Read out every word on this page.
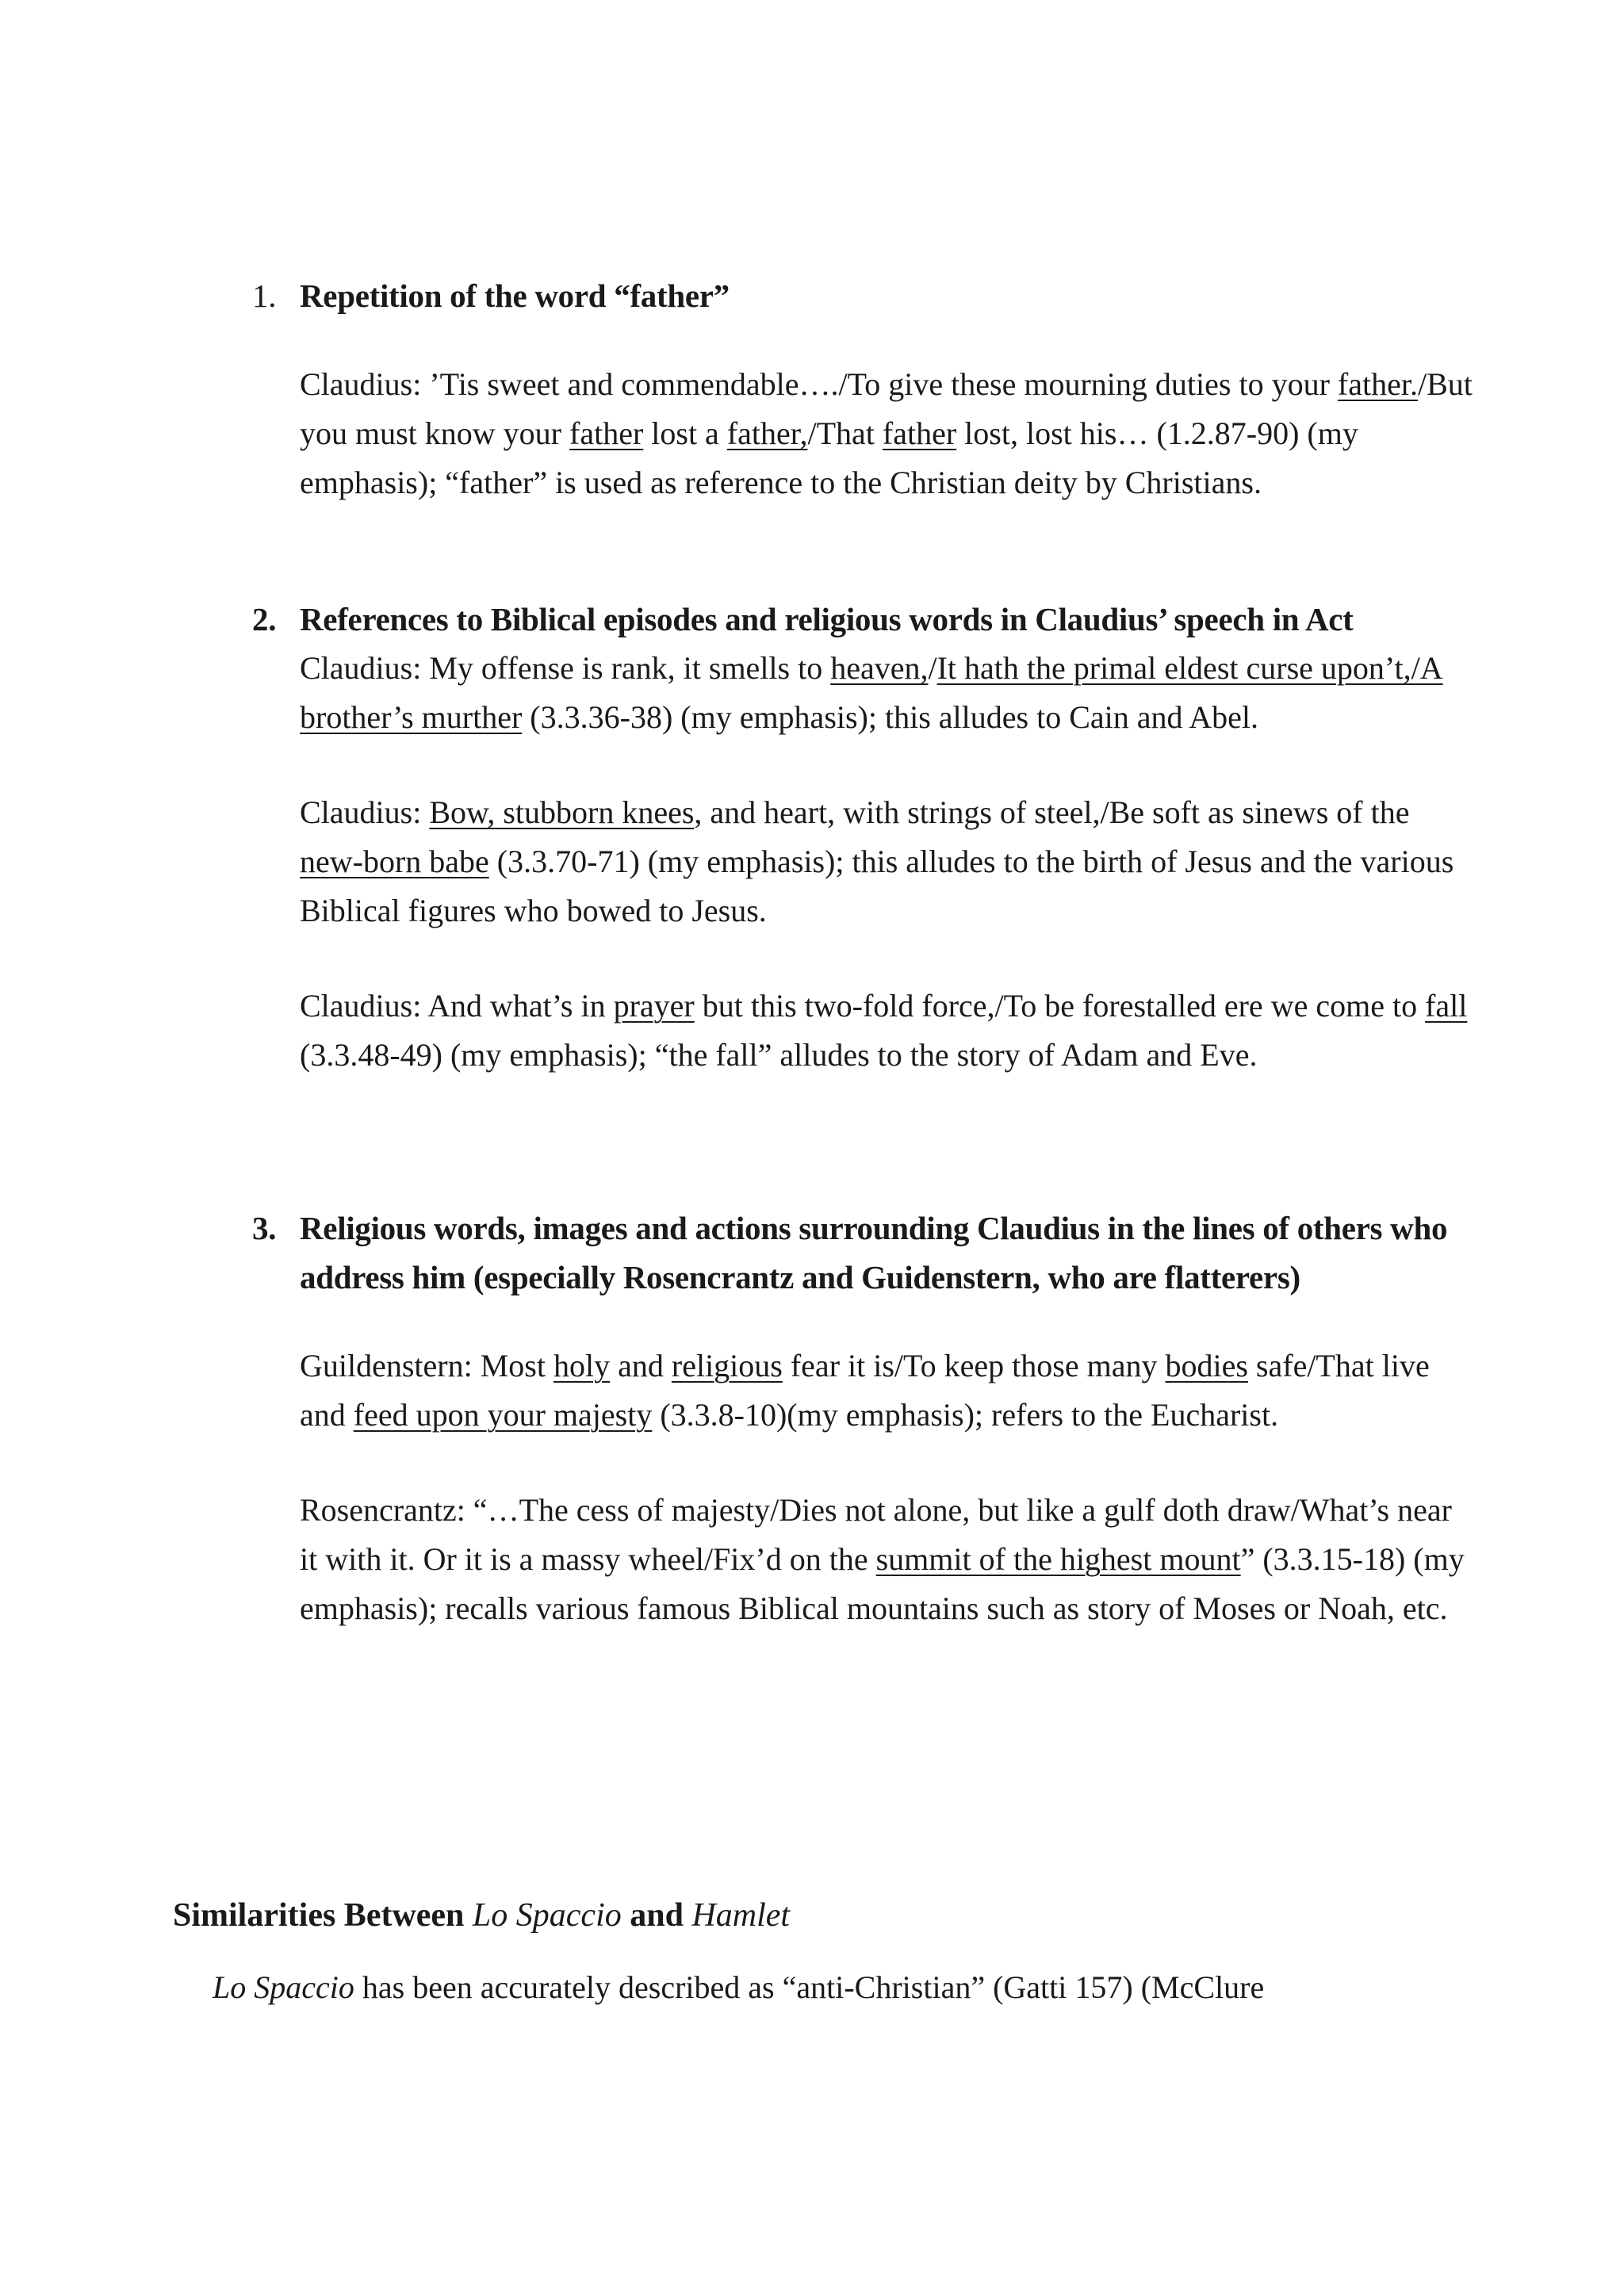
1. Repetition of the word “father”
Claudius: ’Tis sweet and commendable…./To give these mourning duties to your father./But you must know your father lost a father,/That father lost, lost his… (1.2.87-90) (my emphasis); “father” is used as reference to the Christian deity by Christians.
2. References to Biblical episodes and religious words in Claudius’ speech in Act
Claudius: My offense is rank, it smells to heaven,/It hath the primal eldest curse upon’t,/A brother’s murther (3.3.36-38) (my emphasis); this alludes to Cain and Abel.
Claudius: Bow, stubborn knees, and heart, with strings of steel,/Be soft as sinews of the new-born babe (3.3.70-71) (my emphasis); this alludes to the birth of Jesus and the various Biblical figures who bowed to Jesus.
Claudius: And what’s in prayer but this two-fold force,/To be forestalled ere we come to fall (3.3.48-49) (my emphasis); “the fall” alludes to the story of Adam and Eve.
3. Religious words, images and actions surrounding Claudius in the lines of others who address him (especially Rosencrantz and Guidenstern, who are flatterers)
Guildenstern: Most holy and religious fear it is/To keep those many bodies safe/That live and feed upon your majesty (3.3.8-10)(my emphasis); refers to the Eucharist.
Rosencrantz: “…The cess of majesty/Dies not alone, but like a gulf doth draw/What’s near it with it. Or it is a massy wheel/Fix’d on the summit of the highest mount” (3.3.15-18) (my emphasis); recalls various famous Biblical mountains such as story of Moses or Noah, etc.
Similarities Between Lo Spaccio and Hamlet
Lo Spaccio has been accurately described as “anti-Christian” (Gatti 157) (McClure
